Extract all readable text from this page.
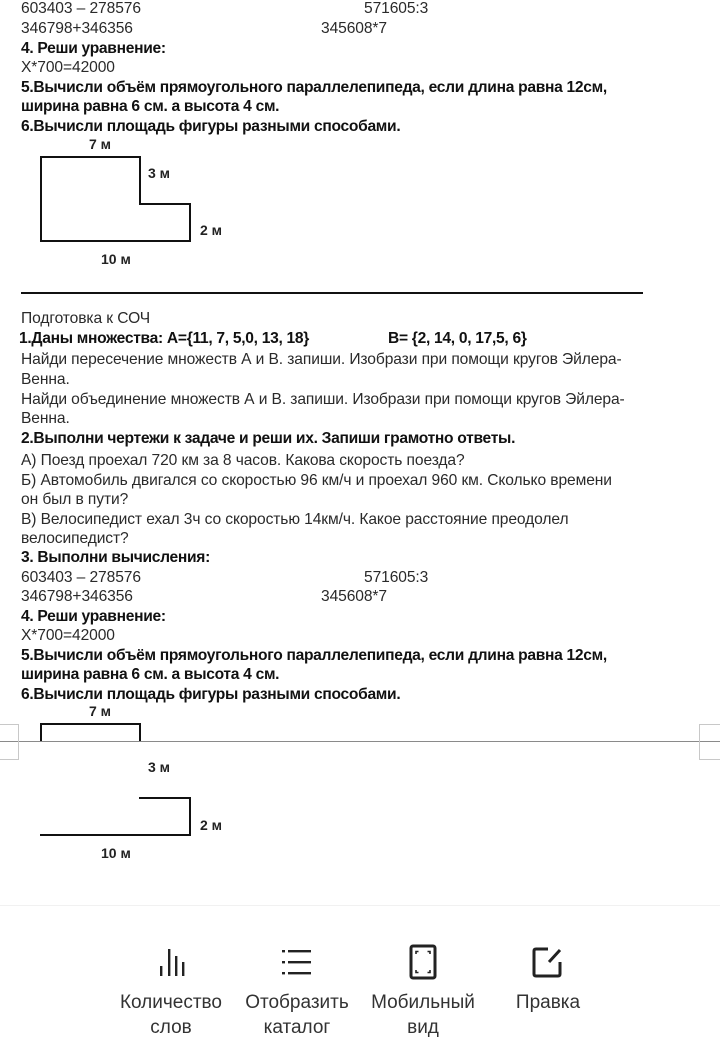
603403 – 278576	571605:3
346798+346356	345608*7
4. Реши уравнение:
X*700=42000
5.Вычисли объём прямоугольного параллелепипеда, если длина равна 12см,
ширина равна 6 см. а высота 4 см.
6.Вычисли площадь фигуры разными способами.
7 м
3 м
2 м
10 м
Подготовка к СОЧ
1.Даны множества: A={11, 7, 5,0, 13, 18}	B= {2, 14, 0, 17,5, 6}
Найди пересечение множеств А и В. запиши. Изобрази при помощи кругов Эйлера-
Венна.
Найди объединение множеств А и В. запиши. Изобрази при помощи кругов Эйлера-
Венна.
2.Выполни чертежи к задаче и реши их. Запиши грамотно ответы.
А) Поезд проехал 720 км за 8 часов. Какова скорость поезда?
Б) Автомобиль двигался со скоростью 96 км/ч и проехал 960 км. Сколько времени
он был в пути?
В) Велосипедист ехал 3ч со скоростью 14км/ч. Какое расстояние преодолел
велосипедист?
3. Выполни вычисления:
603403 – 278576	571605:3
346798+346356	345608*7
4. Реши уравнение:
X*700=42000
5.Вычисли объём прямоугольного параллелепипеда, если длина равна 12см,
ширина равна 6 см. а высота 4 см.
6.Вычисли площадь фигуры разными способами.
7 м
3 м
2 м
10 м
Количество
слов
Отобразить
каталог
Мобильный
вид
Правка
